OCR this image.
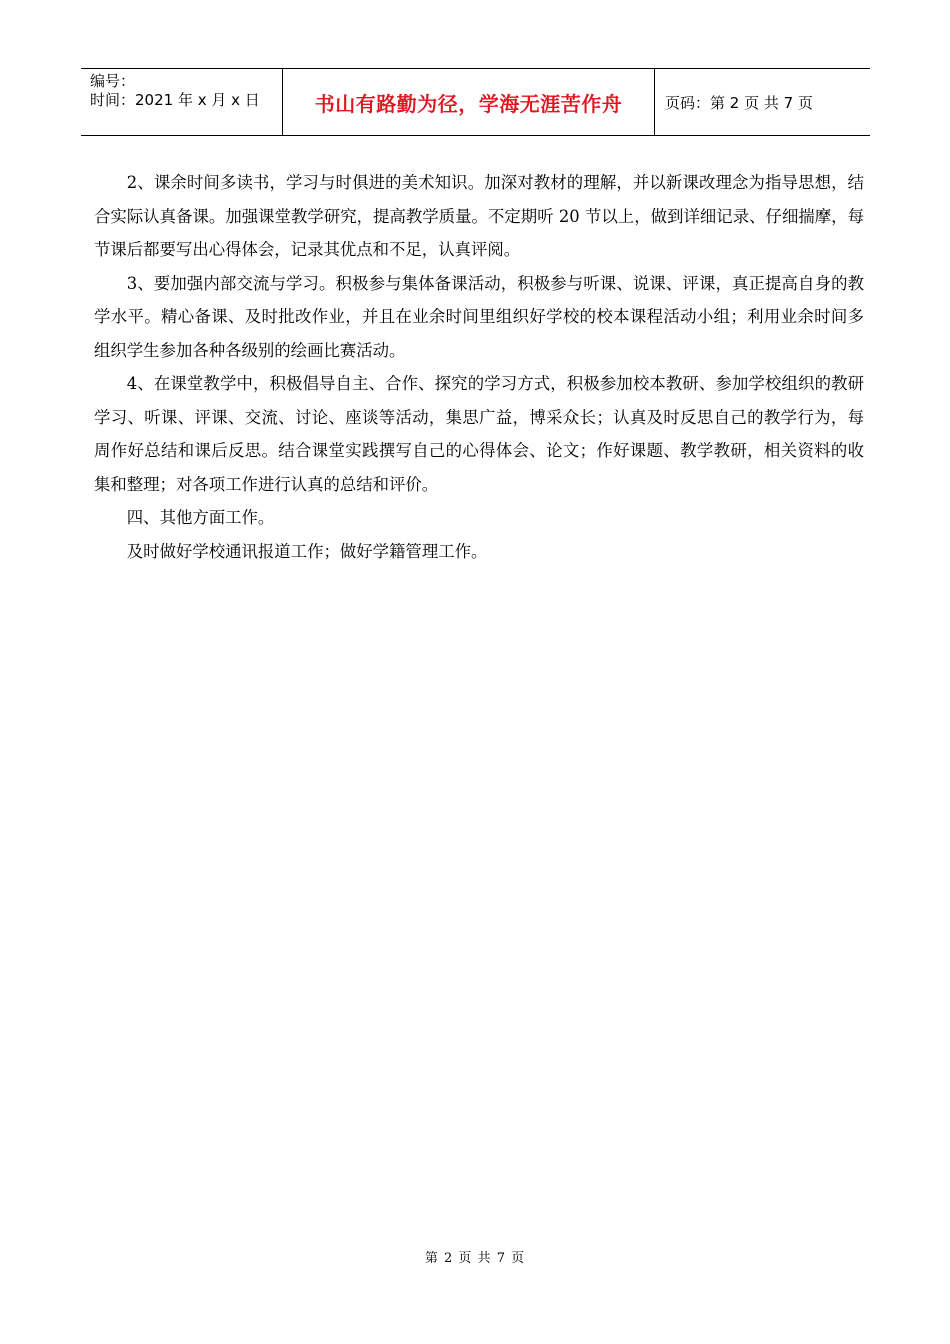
编号：
时间：2021 年 x 月 x 日	书山有路勤为径，学海无涯苦作舟	页码：第 2 页 共 7 页

2、课余时间多读书，学习与时俱进的美术知识。加深对教材的理解，并以新课改理念为指导思想，结合实际认真备课。加强课堂教学研究，提高教学质量。不定期听 20 节以上，做到详细记录、仔细揣摩，每节课后都要写出心得体会，记录其优点和不足，认真评阅。

3、要加强内部交流与学习。积极参与集体备课活动，积极参与听课、说课、评课，真正提高自身的教学水平。精心备课、及时批改作业，并且在业余时间里组织好学校的校本课程活动小组；利用业余时间多组织学生参加各种各级别的绘画比赛活动。

4、在课堂教学中，积极倡导自主、合作、探究的学习方式，积极参加校本教研、参加学校组织的教研学习、听课、评课、交流、讨论、座谈等活动，集思广益，博采众长；认真及时反思自己的教学行为，每周作好总结和课后反思。结合课堂实践撰写自己的心得体会、论文；作好课题、教学教研，相关资料的收集和整理；对各项工作进行认真的总结和评价。

四、其他方面工作。

及时做好学校通讯报道工作；做好学籍管理工作。

第 2 页 共 7 页
